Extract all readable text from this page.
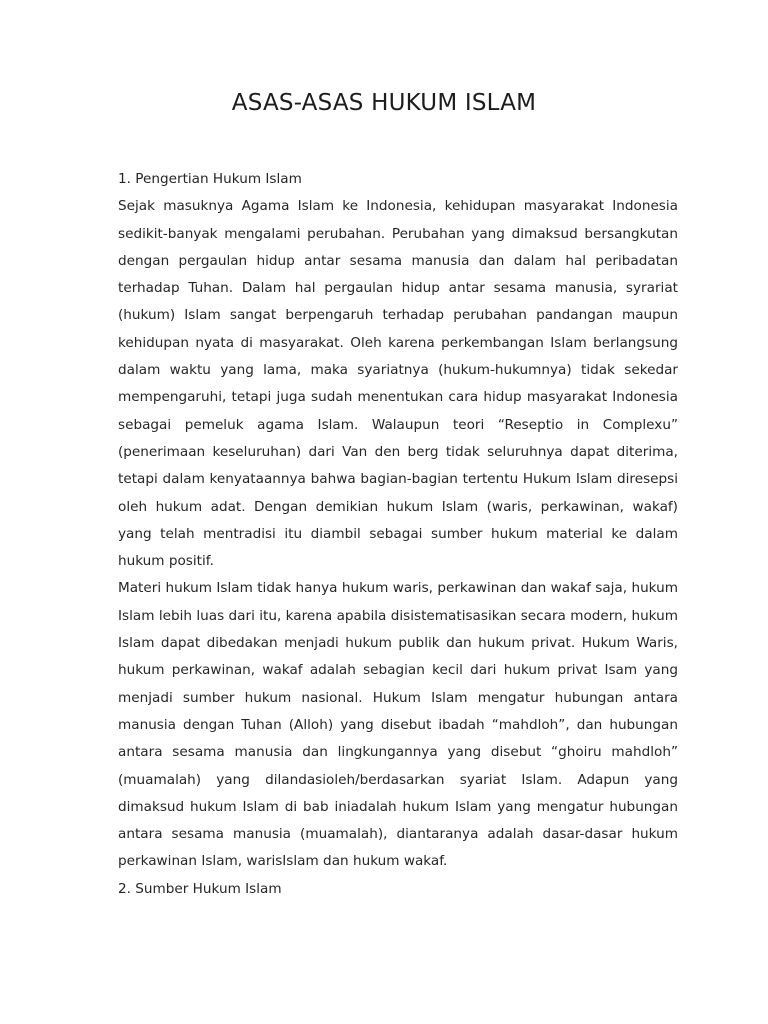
ASAS-ASAS HUKUM ISLAM

1. Pengertian Hukum Islam

Sejak masuknya Agama Islam ke Indonesia, kehidupan masyarakat Indonesia sedikit-banyak mengalami perubahan. Perubahan yang dimaksud bersangkutan dengan pergaulan hidup antar sesama manusia dan dalam hal peribadatan terhadap Tuhan. Dalam hal pergaulan hidup antar sesama manusia, syrariat (hukum) Islam sangat berpengaruh terhadap perubahan pandangan maupun kehidupan nyata di masyarakat. Oleh karena perkembangan Islam berlangsung dalam waktu yang lama, maka syariatnya (hukum-hukumnya) tidak sekedar mempengaruhi, tetapi juga sudah menentukan cara hidup masyarakat Indonesia sebagai pemeluk agama Islam. Walaupun teori “Reseptio in Complexu” (penerimaan keseluruhan) dari Van den berg tidak seluruhnya dapat diterima, tetapi dalam kenyataannya bahwa bagian-bagian tertentu Hukum Islam diresepsi oleh hukum adat. Dengan demikian hukum Islam (waris, perkawinan, wakaf) yang telah mentradisi itu diambil sebagai sumber hukum material ke dalam hukum positif.

Materi hukum Islam tidak hanya hukum waris, perkawinan dan wakaf saja, hukum Islam lebih luas dari itu, karena apabila disistematisasikan secara modern, hukum Islam dapat dibedakan menjadi hukum publik dan hukum privat. Hukum Waris, hukum perkawinan, wakaf adalah sebagian kecil dari hukum privat Isam yang menjadi sumber hukum nasional. Hukum Islam mengatur hubungan antara manusia dengan Tuhan (Alloh) yang disebut ibadah “mahdloh”, dan hubungan antara sesama manusia dan lingkungannya yang disebut “ghoiru mahdloh” (muamalah) yang dilandasioleh/berdasarkan syariat Islam. Adapun yang dimaksud hukum Islam di bab iniadalah hukum Islam yang mengatur hubungan antara sesama manusia (muamalah), diantaranya adalah dasar-dasar hukum perkawinan Islam, warisIslam dan hukum wakaf.

2. Sumber Hukum Islam
